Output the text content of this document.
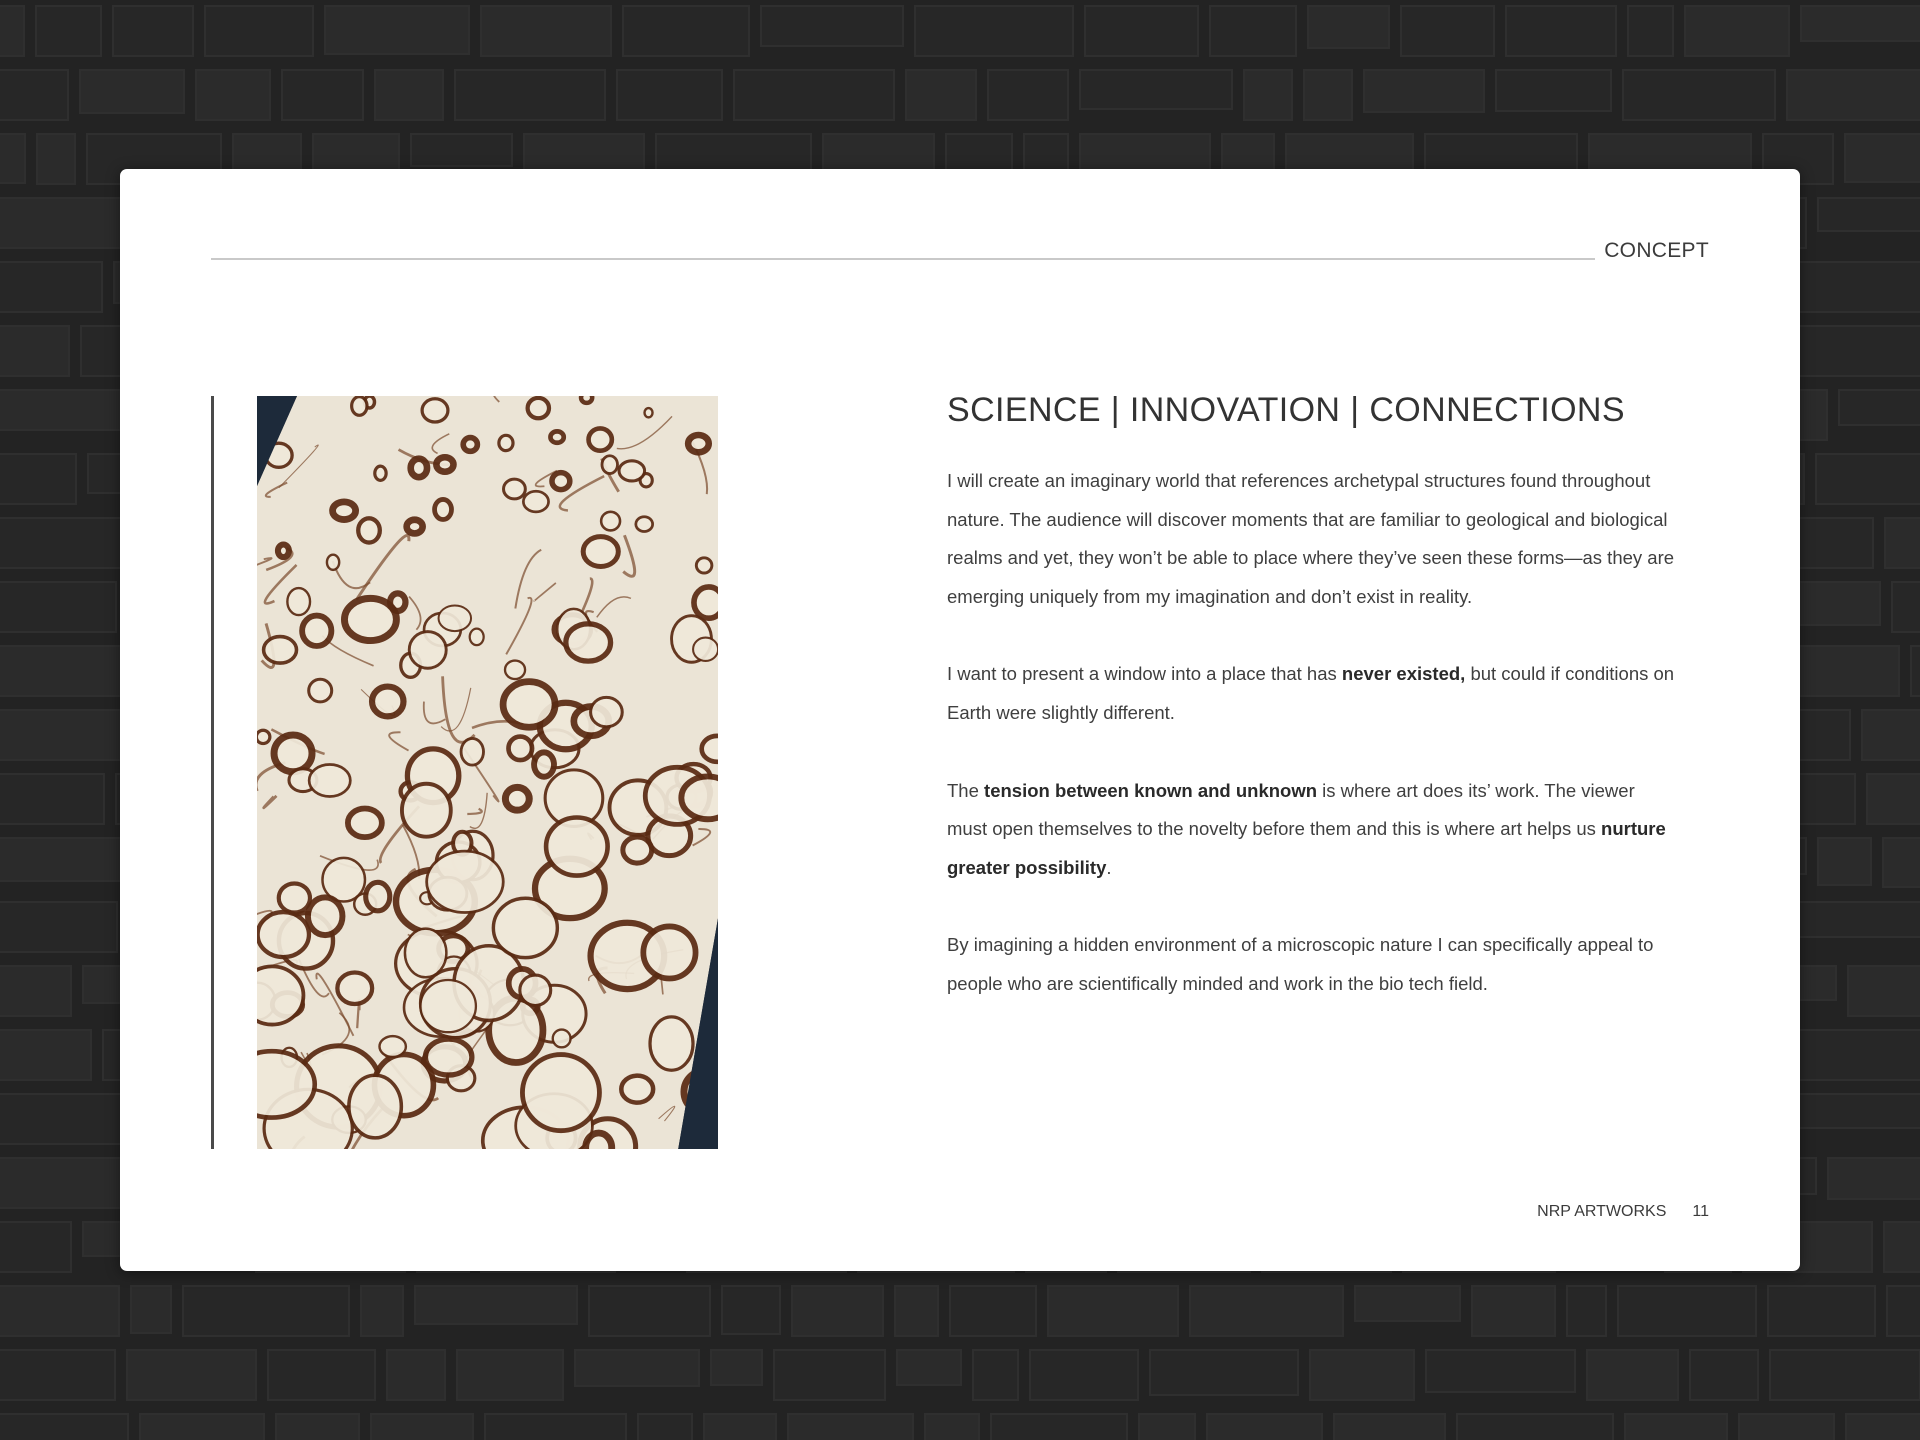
CONCEPT
SCIENCE | INNOVATION | CONNECTIONS

I will create an imaginary world that references archetypal structures found throughout nature. The audience will discover moments that are familiar to geological and biological realms and yet, they won’t be able to place where they’ve seen these forms—as they are emerging uniquely from my imagination and don’t exist in reality.

I want to present a window into a place that has never existed, but could if conditions on Earth were slightly different.

The tension between known and unknown is where art does its’ work. The viewer must open themselves to the novelty before them and this is where art helps us nurture greater possibility.

By imagining a hidden environment of a microscopic nature I can specifically appeal to people who are scientifically minded and work in the bio tech field.

NRP ARTWORKS 11
